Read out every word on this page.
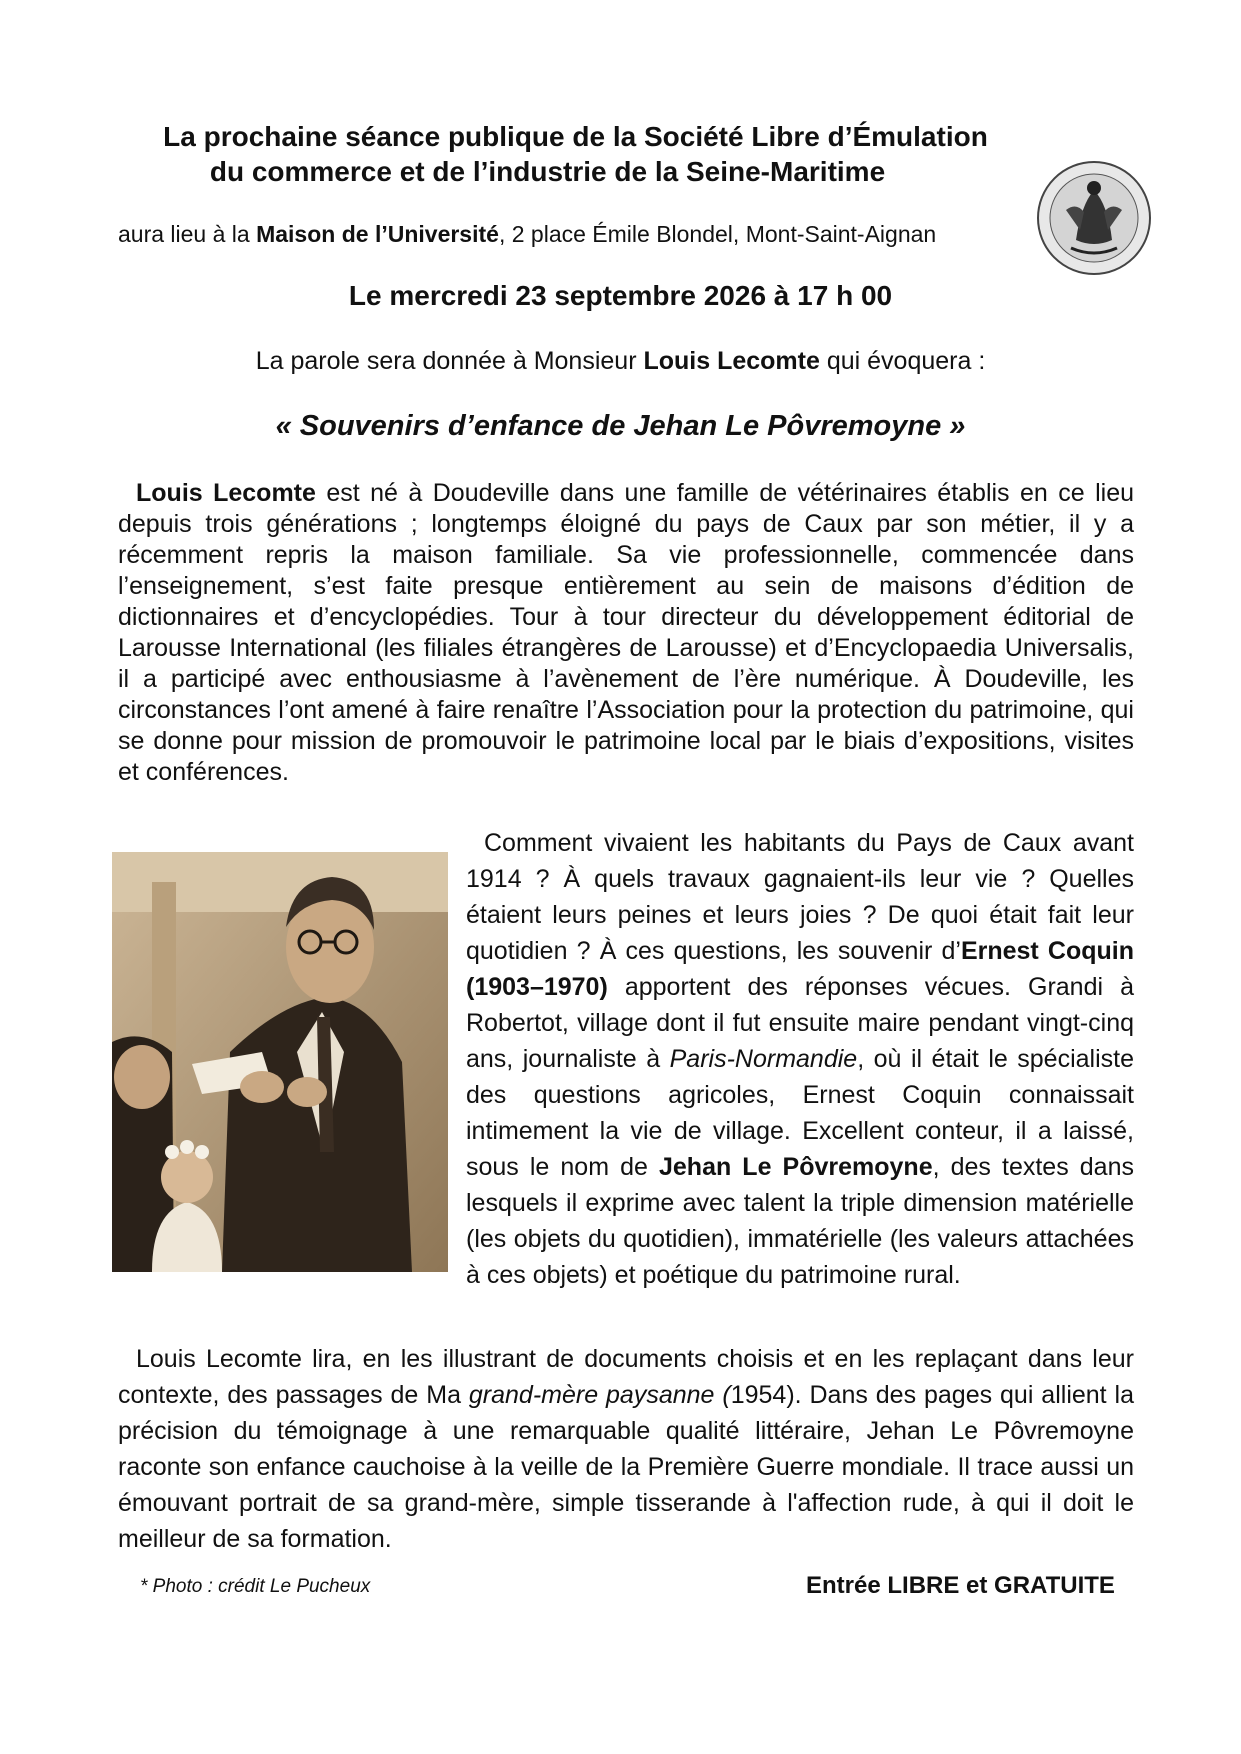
La prochaine séance publique de la Société Libre d’Émulation
du commerce et de l’industrie de la Seine-Maritime
aura lieu à la Maison de l’Université, 2 place Émile Blondel, Mont-Saint-Aignan
Le mercredi 23 septembre 2026 à 17 h 00
La parole sera donnée à Monsieur Louis Lecomte qui évoquera :
« Souvenirs d’enfance de Jehan Le Pôvremoyne »

Louis Lecomte est né à Doudeville dans une famille de vétérinaires établis en ce lieu depuis trois générations ; longtemps éloigné du pays de Caux par son métier, il y a récemment repris la maison familiale. Sa vie professionnelle, commencée dans l’enseignement, s’est faite presque entièrement au sein de maisons d’édition de dictionnaires et d’encyclopédies. Tour à tour directeur du développement éditorial de Larousse International (les filiales étrangères de Larousse) et d’Encyclopaedia Universalis, il a participé avec enthousiasme à l’avènement de l’ère numérique. À Doudeville, les circonstances l’ont amené à faire renaître l’Association pour la protection du patrimoine, qui se donne pour mission de promouvoir le patrimoine local par le biais d’expositions, visites et conférences.

Comment vivaient les habitants du Pays de Caux avant 1914 ? À quels travaux gagnaient-ils leur vie ? Quelles étaient leurs peines et leurs joies ? De quoi était fait leur quotidien ? À ces questions, les souvenir d’Ernest Coquin (1903–1970) apportent des réponses vécues. Grandi à Robertot, village dont il fut ensuite maire pendant vingt-cinq ans, journaliste à Paris-Normandie, où il était le spécialiste des questions agricoles, Ernest Coquin connaissait intimement la vie de village. Excellent conteur, il a laissé, sous le nom de Jehan Le Pôvremoyne, des textes dans lesquels il exprime avec talent la triple dimension matérielle (les objets du quotidien), immatérielle (les valeurs attachées à ces objets) et poétique du patrimoine rural.

Louis Lecomte lira, en les illustrant de documents choisis et en les replaçant dans leur contexte, des passages de Ma grand-mère paysanne (1954). Dans des pages qui allient la précision du témoignage à une remarquable qualité littéraire, Jehan Le Pôvremoyne raconte son enfance cauchoise à la veille de la Première Guerre mondiale. Il trace aussi un émouvant portrait de sa grand-mère, simple tisserande à l'affection rude, à qui il doit le meilleur de sa formation.

* Photo : crédit Le Pucheux	Entrée LIBRE et GRATUITE
